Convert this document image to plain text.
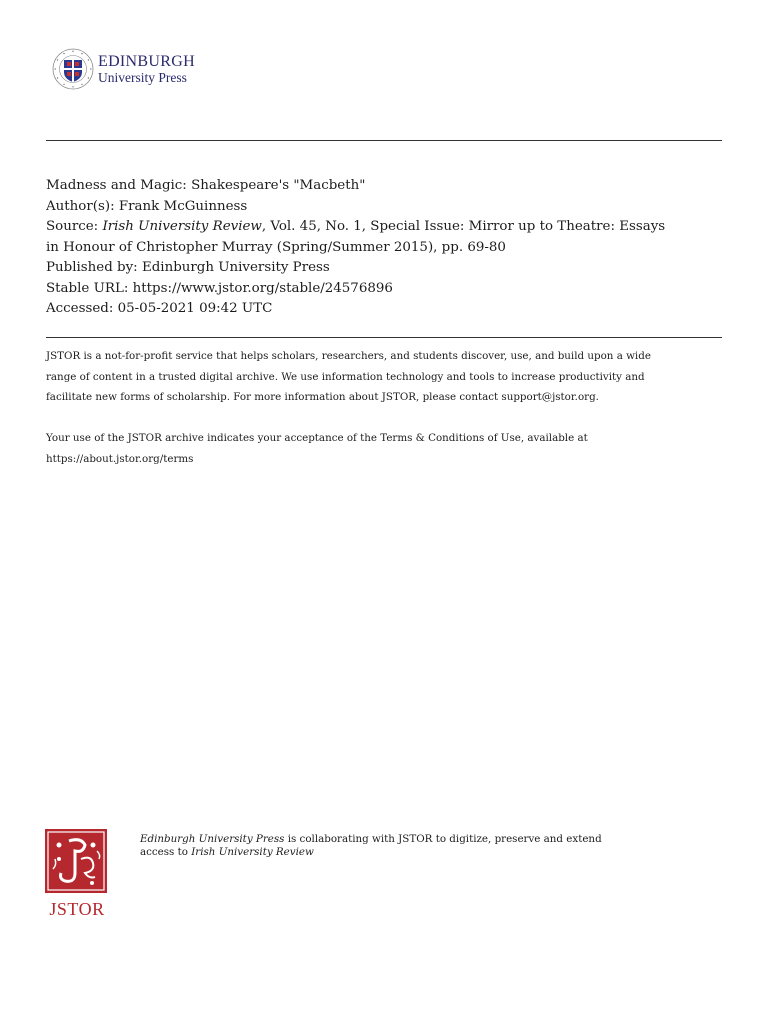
EDINBURGH
University Press
Madness and Magic: Shakespeare's "Macbeth"
Author(s): Frank McGuinness
Source: Irish University Review, Vol. 45, No. 1, Special Issue: Mirror up to Theatre: Essays
in Honour of Christopher Murray (Spring/Summer 2015), pp. 69-80
Published by: Edinburgh University Press
Stable URL: https://www.jstor.org/stable/24576896
Accessed: 05-05-2021 09:42 UTC

JSTOR is a not-for-profit service that helps scholars, researchers, and students discover, use, and build upon a wide
range of content in a trusted digital archive. We use information technology and tools to increase productivity and
facilitate new forms of scholarship. For more information about JSTOR, please contact support@jstor.org.

Your use of the JSTOR archive indicates your acceptance of the Terms & Conditions of Use, available at
https://about.jstor.org/terms

JSTOR
Edinburgh University Press is collaborating with JSTOR to digitize, preserve and extend
access to Irish University Review
